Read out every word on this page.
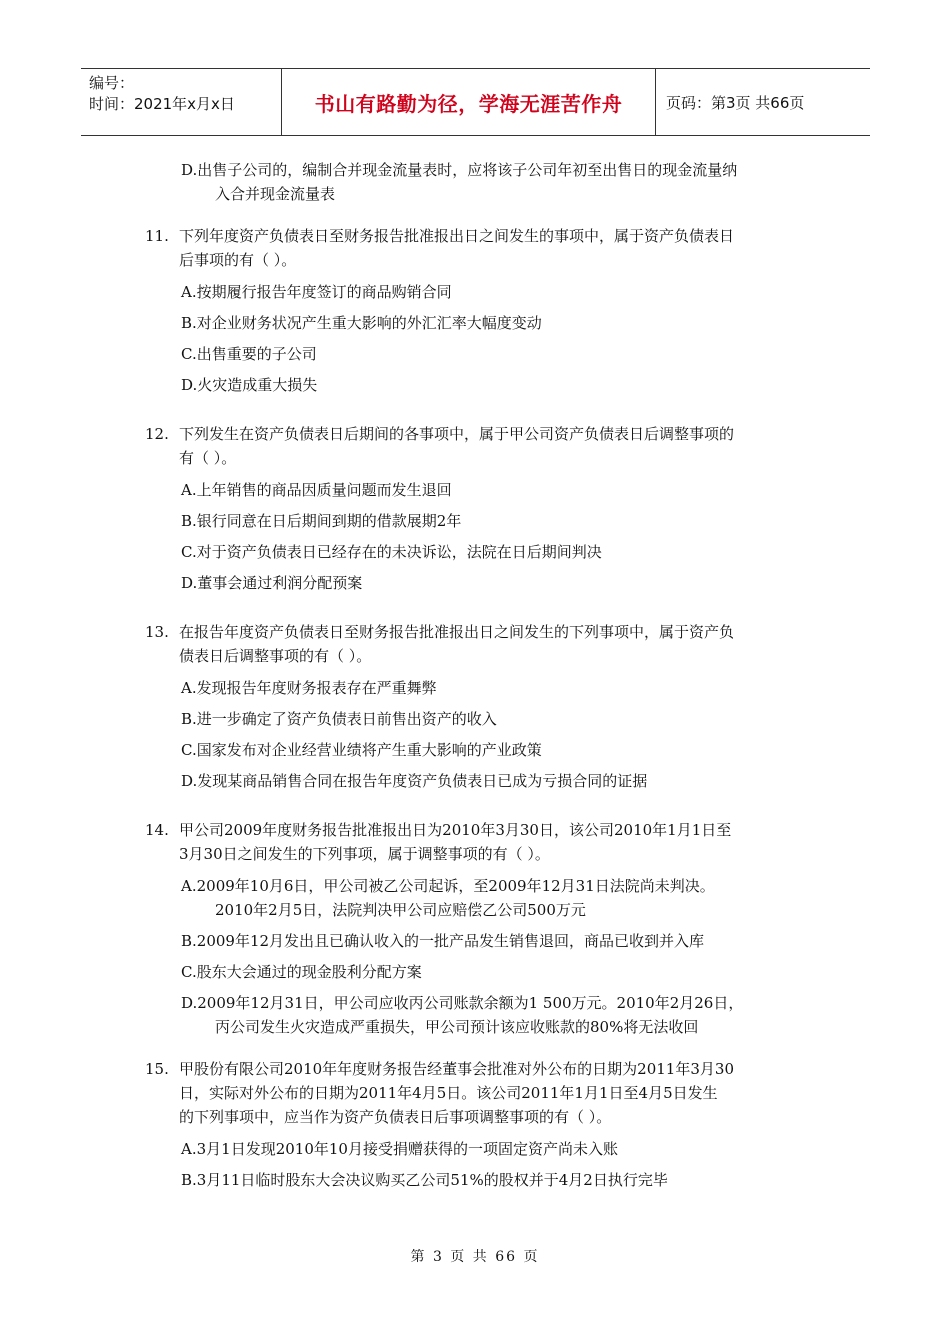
编号：
时间：2021年x月x日	书山有路勤为径，学海无涯苦作舟	页码：第3页 共66页
D.出售子公司的，编制合并现金流量表时，应将该子公司年初至出售日的现金流量纳
入合并现金流量表
11. 下列年度资产负债表日至财务报告批准报出日之间发生的事项中，属于资产负债表日
后事项的有（ ）。
A.按期履行报告年度签订的商品购销合同
B.对企业财务状况产生重大影响的外汇汇率大幅度变动
C.出售重要的子公司
D.火灾造成重大损失
12. 下列发生在资产负债表日后期间的各事项中，属于甲公司资产负债表日后调整事项的
有（ ）。
A.上年销售的商品因质量问题而发生退回
B.银行同意在日后期间到期的借款展期2年
C.对于资产负债表日已经存在的未决诉讼，法院在日后期间判决
D.董事会通过利润分配预案
13. 在报告年度资产负债表日至财务报告批准报出日之间发生的下列事项中，属于资产负
债表日后调整事项的有（ ）。
A.发现报告年度财务报表存在严重舞弊
B.进一步确定了资产负债表日前售出资产的收入
C.国家发布对企业经营业绩将产生重大影响的产业政策
D.发现某商品销售合同在报告年度资产负债表日已成为亏损合同的证据
14. 甲公司2009年度财务报告批准报出日为2010年3月30日，该公司2010年1月1日至
3月30日之间发生的下列事项，属于调整事项的有（ ）。
A.2009年10月6日，甲公司被乙公司起诉，至2009年12月31日法院尚未判决。
2010年2月5日，法院判决甲公司应赔偿乙公司500万元
B.2009年12月发出且已确认收入的一批产品发生销售退回，商品已收到并入库
C.股东大会通过的现金股利分配方案
D.2009年12月31日，甲公司应收丙公司账款余额为1 500万元。2010年2月26日，
丙公司发生火灾造成严重损失，甲公司预计该应收账款的80%将无法收回
15. 甲股份有限公司2010年年度财务报告经董事会批准对外公布的日期为2011年3月30
日，实际对外公布的日期为2011年4月5日。该公司2011年1月1日至4月5日发生
的下列事项中，应当作为资产负债表日后事项调整事项的有（ ）。
A.3月1日发现2010年10月接受捐赠获得的一项固定资产尚未入账
B.3月11日临时股东大会决议购买乙公司51%的股权并于4月2日执行完毕
第 3 页 共 66 页
